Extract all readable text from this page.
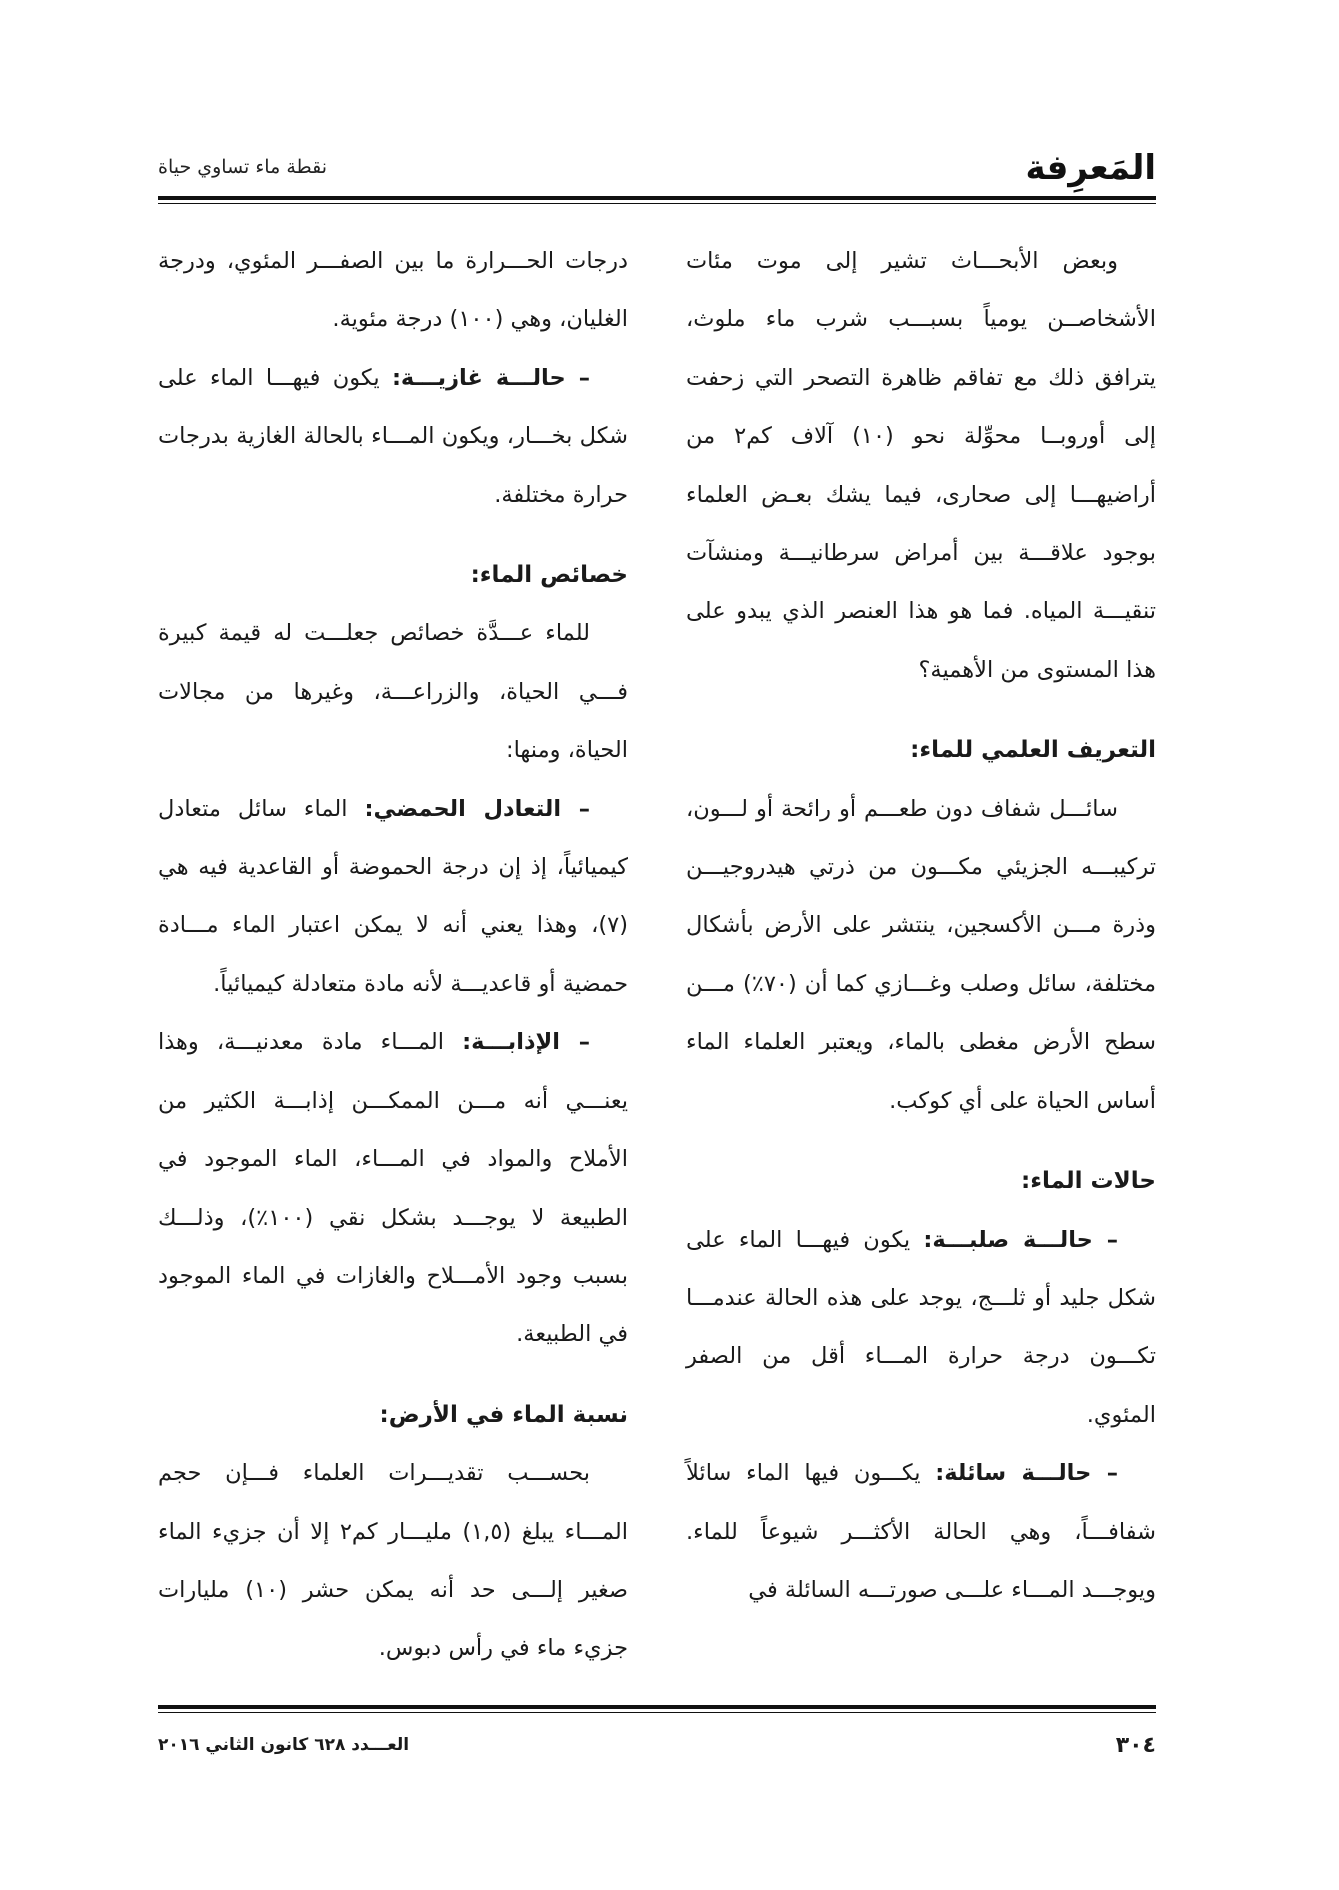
المَعرِفة
نقطة ماء تساوي حياة

وبعض الأبحـــاث تشير إلى موت مئات الأشخاصــن يومياً بسبـــب شرب ماء ملوث، يترافق ذلك مع تفاقم ظاهرة التصحر التي زحفت إلى أوروبــا محوِّلة نحو (١٠) آلاف كم٢ من أراضيهـــا إلى صحارى، فيما يشك بعـض العلماء بوجود علاقـــة بين أمراض سرطانيـــة ومنشآت تنقيـــة المياه. فما هو هذا العنصر الذي يبدو على هذا المستوى من الأهمية؟

التعريف العلمي للماء:

سائـــل شفاف دون طعـــم أو رائحة أو لـــون، تركيبـــه الجزيئي مكـــون من ذرتي هيدروجيـــن وذرة مـــن الأكسجين، ينتشر على الأرض بأشكال مختلفة، سائل وصلب وغـــازي كما أن (٧٠٪) مـــن سطح الأرض مغطى بالماء، ويعتبر العلماء الماء أساس الحياة على أي كوكب.

حالات الماء:

– حالـــة صلبـــة: يكون فيهـــا الماء على شكل جليد أو ثلـــج، يوجد على هذه الحالة عندمـــا تكـــون درجة حرارة المـــاء أقل من الصفر المئوي.

– حالـــة سائلة: يكـــون فيها الماء سائلاً شفافـــاً، وهي الحالة الأكثـــر شيوعاً للماء. ويوجـــد المـــاء علـــى صورتـــه السائلة في

درجات الحـــرارة ما بين الصفـــر المئوي، ودرجة الغليان، وهي (١٠٠) درجة مئوية.

– حالـــة غازيـــة: يكون فيهـــا الماء على شكل بخـــار، ويكون المـــاء بالحالة الغازية بدرجات حرارة مختلفة.

خصائص الماء:

للماء عـــدَّة خصائص جعلـــت له قيمة كبيرة فـــي الحياة، والزراعـــة، وغيرها من مجالات الحياة، ومنها:

– التعادل الحمضي: الماء سائل متعادل كيميائياً، إذ إن درجة الحموضة أو القاعدية فيه هي (٧)، وهذا يعني أنه لا يمكن اعتبار الماء مـــادة حمضية أو قاعديـــة لأنه مادة متعادلة كيميائياً.

– الإذابـــة: المـــاء مادة معدنيـــة، وهذا يعنـــي أنه مـــن الممكـــن إذابـــة الكثير من الأملاح والمواد في المـــاء، الماء الموجود في الطبيعة لا يوجـــد بشكل نقي (١٠٠٪)، وذلـــك بسبب وجود الأمـــلاح والغازات في الماء الموجود في الطبيعة.

نسبة الماء في الأرض:

بحســـب تقديـــرات العلماء فـــإن حجم المـــاء يبلغ (١,٥) مليـــار كم٢ إلا أن جزيء الماء صغير إلـــى حد أنه يمكن حشر (١٠) مليارات جزيء ماء في رأس دبوس.

٣٠٤
العـــدد ٦٢٨ كانون الثاني ٢٠١٦
